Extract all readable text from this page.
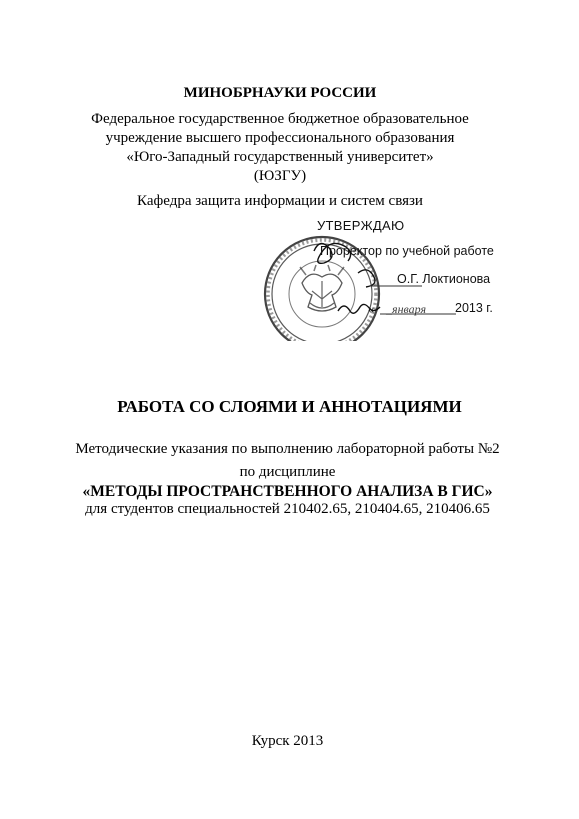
МИНОБРНАУКИ РОССИИ
Федеральное государственное бюджетное образовательное
учреждение высшего профессионального образования
«Юго-Западный государственный университет»
(ЮЗГУ)
Кафедра защита информации и систем связи
« _января
УТВЕРЖДАЮ
Проректор по учебной работе
О.Г. Локтионова
2013 г.
РАБОТА СО СЛОЯМИ И АННОТАЦИЯМИ
Методические указания по выполнению лабораторной работы №2
по дисциплине
«МЕТОДЫ ПРОСТРАНСТВЕННОГО АНАЛИЗА В ГИС»
для студентов специальностей 210402.65, 210404.65, 210406.65
Курск 2013
